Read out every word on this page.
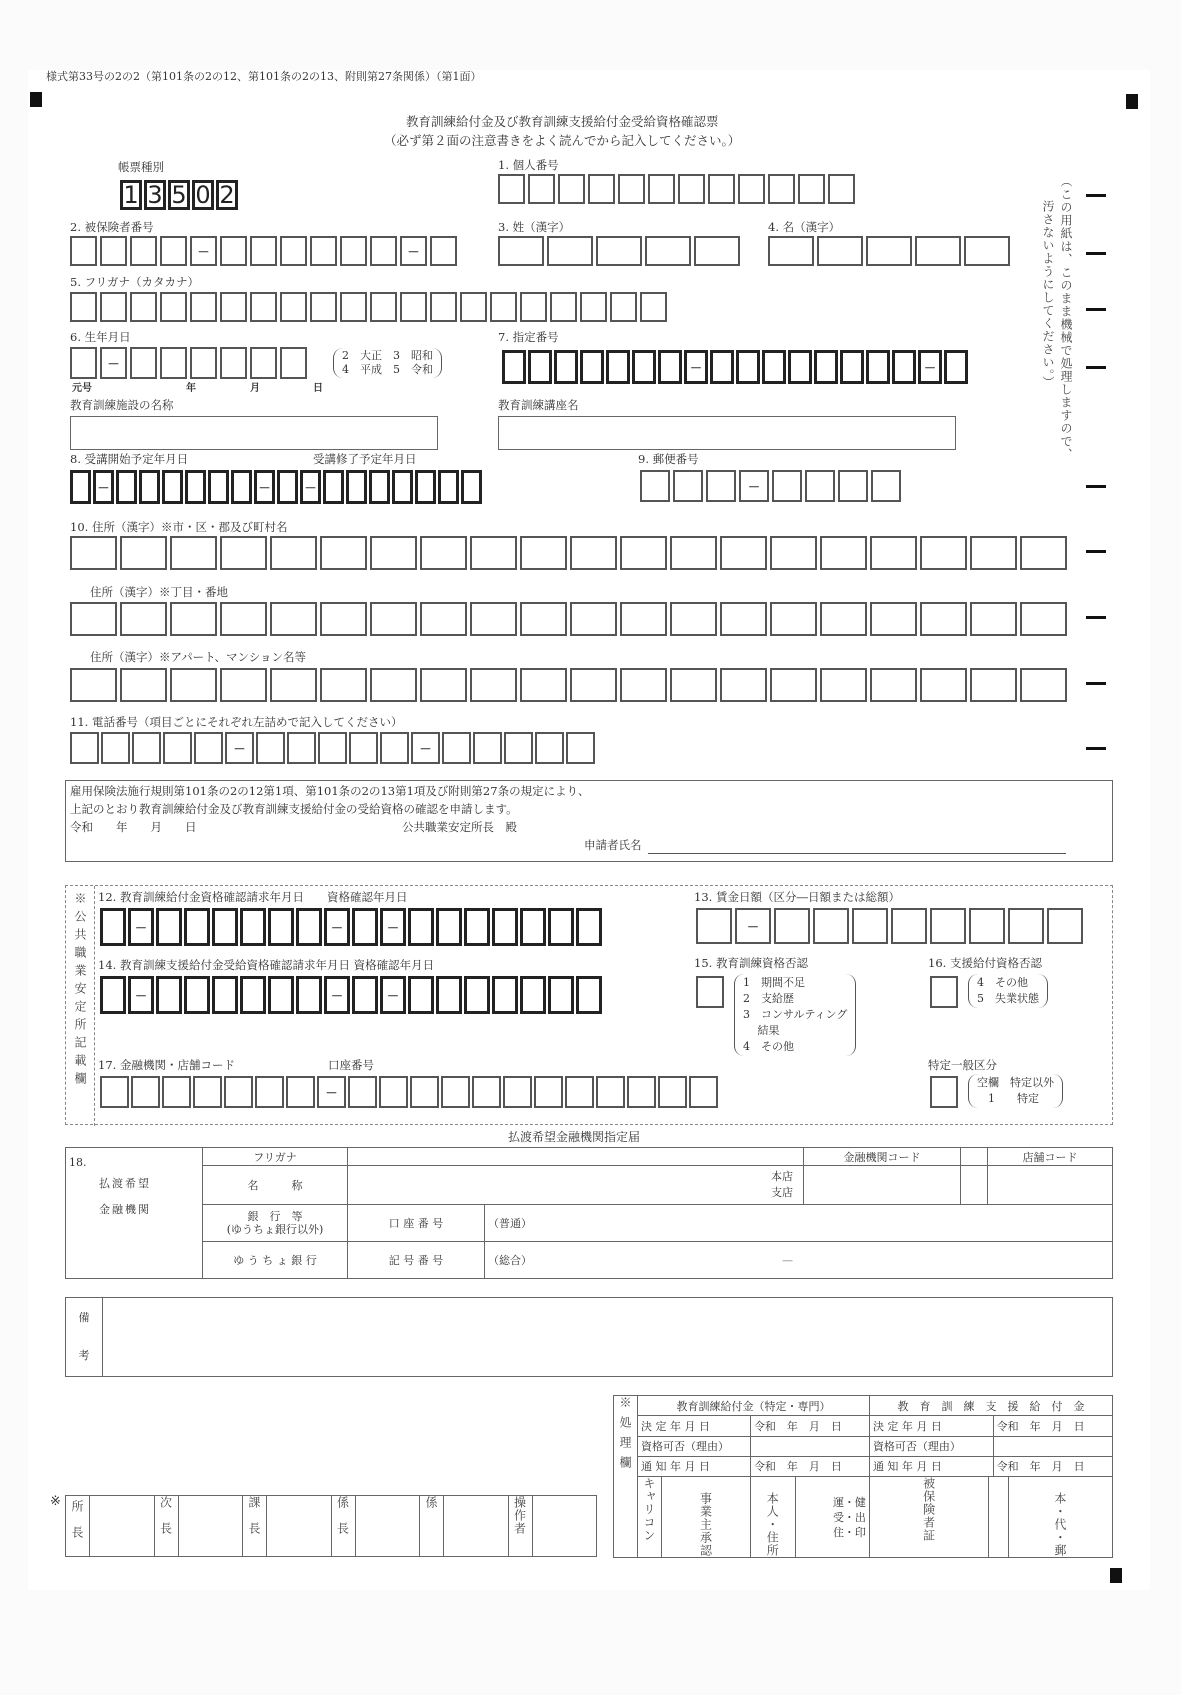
様式第33号の2の2（第101条の2の12、第101条の2の13、附則第27条関係）（第1面）
教育訓練給付金及び教育訓練支援給付金受給資格確認票
（必ず第２面の注意書きをよく読んでから記入してください。）
帳票種別
1 3 5 0 2
1. 個人番号
（この用紙は、このまま機械で処理しますので、
汚さないようにしてください。）
2. 被保険者番号
－	－
3. 姓（漢字）	4. 名（漢字）
5. フリガナ（カタカナ）
6. 生年月日
－
2　大正　3　昭和
4　平成　5　令和
元号	年	月	日
7. 指定番号
－	－
教育訓練施設の名称	教育訓練講座名
8. 受講開始予定年月日	受講修了予定年月日
－	－	－
9. 郵便番号
－
10. 住所（漢字）※市・区・郡及び町村名
住所（漢字）※丁目・番地
住所（漢字）※アパート、マンション名等
11. 電話番号（項目ごとにそれぞれ左詰めで記入してください）
－	－
雇用保険法施行規則第101条の2の12第1項、第101条の2の13第1項及び附則第27条の規定により、
上記のとおり教育訓練給付金及び教育訓練支援給付金の受給資格の確認を申請します。
令和　　年　　月　　日	公共職業安定所長　殿
申請者氏名
※公共職業安定所記載欄 12. 教育訓練給付金資格確認請求年月日　　資格確認年月日
－	－	－
14. 教育訓練支援給付金受給資格確認請求年月日 資格確認年月日
－	－	－
17. 金融機関・店舗コード	口座番号
－
13. 賃金日額（区分―日額または総額）
－
15. 教育訓練資格否認
1　期間不足
2　支給歴
3　コンサルティング
　 結果
4　その他
16. 支援給付資格否認
4　その他
5　失業状態
特定一般区分
空欄　特定以外
　1　　特定
払渡希望金融機関指定届
18.
払渡希望
金融機関	フリガナ			金融機関コード		店舗コード
	名　　　称	本店
支店				

	銀　行　等
(ゆうちょ銀行以外)	口 座 番 号	（普通）			
	ゆ う ち ょ 銀 行	記 号 番 号	（総合） —			
備
考

※ 所長		次長		課長		係長		係		操作者	
※処理欄	教育訓練給付金（特定・専門）				教　育　訓　練　支　援　給　付　金			
	決 定 年 月 日		令和　年　月　日		決 定 年 月 日		令和　年　月　日	
	資格可否（理由）				資格可否（理由）			
	通 知 年 月 日		令和　年　月　日		通 知 年 月 日		令和　年　月　日	
	キャリコン	事業主承認	本人・住所	運・健
受・出
住・印	被保険者証			本・代・郵
